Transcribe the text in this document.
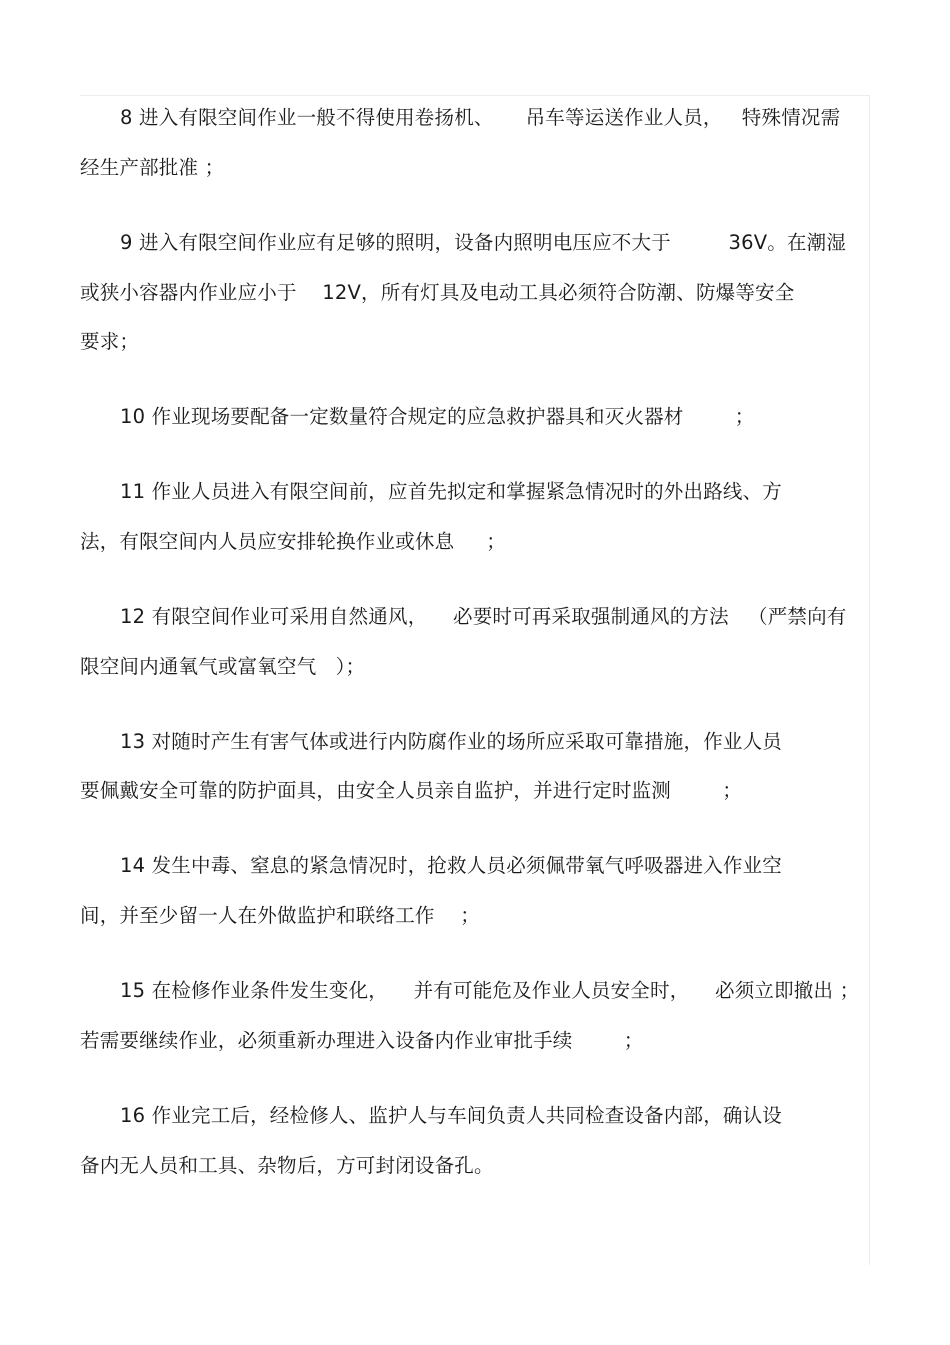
8 进入有限空间作业一般不得使用卷扬机、     吊车等运送作业人员，   特殊情况需
经生产部批准 ；
9 进入有限空间作业应有足够的照明，设备内照明电压应不大于         36V。在潮湿
或狭小容器内作业应小于    12V，所有灯具及电动工具必须符合防潮、防爆等安全
要求；
10 作业现场要配备一定数量符合规定的应急救护器具和灭火器材        ；
11 作业人员进入有限空间前，应首先拟定和掌握紧急情况时的外出路线、方
法，有限空间内人员应安排轮换作业或休息     ；
12 有限空间作业可采用自然通风，    必要时可再采取强制通风的方法   （严禁向有
限空间内通氧气或富氧空气   ）；
13 对随时产生有害气体或进行内防腐作业的场所应采取可靠措施，作业人员
要佩戴安全可靠的防护面具，由安全人员亲自监护，并进行定时监测        ；
14 发生中毒、窒息的紧急情况时，抢救人员必须佩带氧气呼吸器进入作业空
间，并至少留一人在外做监护和联络工作    ；
15 在检修作业条件发生变化，    并有可能危及作业人员安全时，    必须立即撤出 ；
若需要继续作业，必须重新办理进入设备内作业审批手续        ；
16 作业完工后，经检修人、监护人与车间负责人共同检查设备内部，确认设
备内无人员和工具、杂物后，方可封闭设备孔。
